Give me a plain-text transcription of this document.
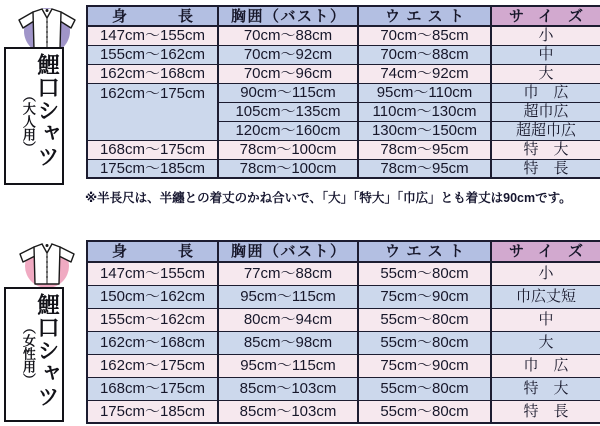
鯉口シャツ
（大人用）
身長	胸囲（バスト）	ウエスト	サイズ
147cm～155cm	70cm～88cm	70cm～85cm	小
155cm～162cm	70cm～92cm	70cm～88cm	中
162cm～168cm	70cm～96cm	74cm～92cm	大
162cm～175cm	90cm～115cm	95cm～110cm	巾　広
	105cm～135cm	110cm～130cm	超巾広
	120cm～160cm	130cm～150cm	超超巾広
168cm～175cm	78cm～100cm	78cm～95cm	特　大
175cm～185cm	78cm～100cm	78cm～95cm	特　長
※半長尺は、半纏との着丈のかね合いで、「大」「特大」「巾広」とも着丈は90cmです。
鯉口シャツ
（女性用）
身長	胸囲（バスト）	ウエスト	サイズ
147cm～155cm	77cm～88cm	55cm～80cm	小
150cm～162cm	95cm～115cm	75cm～90cm	巾広丈短
155cm～162cm	80cm～94cm	55cm～80cm	中
162cm～168cm	85cm～98cm	55cm～80cm	大
162cm～175cm	95cm～115cm	75cm～90cm	巾　広
168cm～175cm	85cm～103cm	55cm～80cm	特　大
175cm～185cm	85cm～103cm	55cm～80cm	特　長
